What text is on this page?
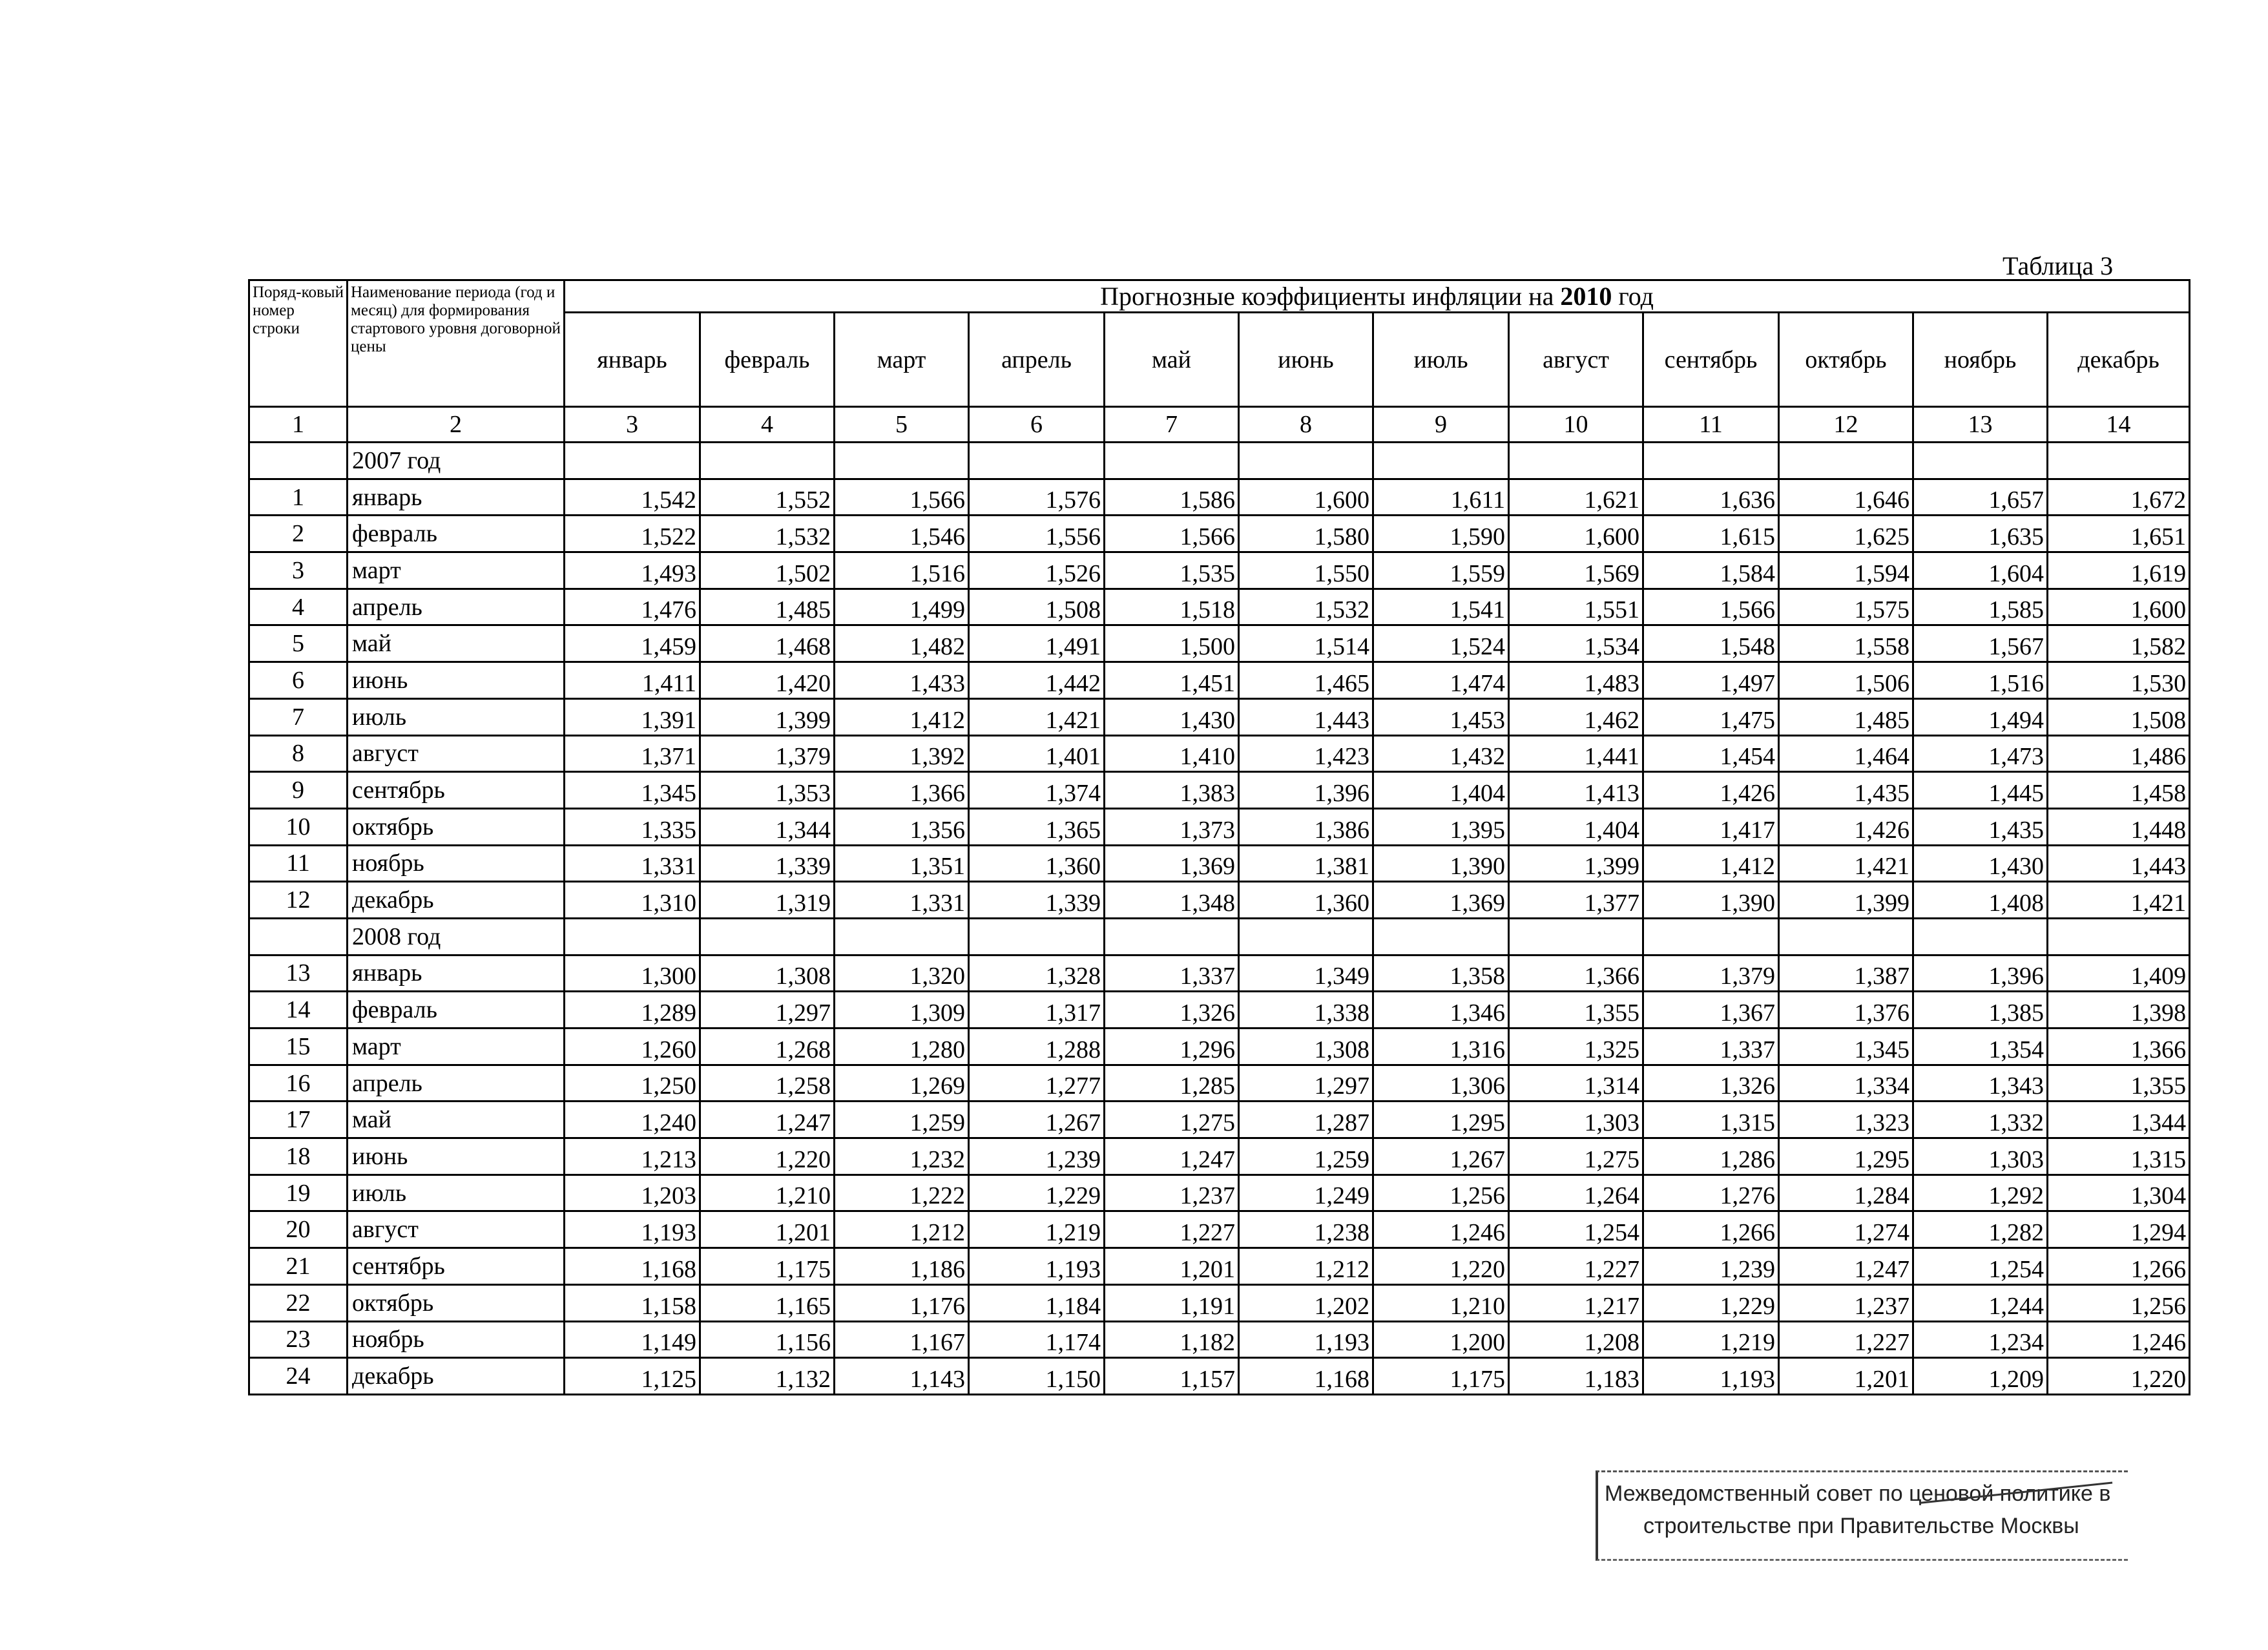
Таблица 3
Поряд-ковый номер строки	Наименование периода (год и месяц) для формирования стартового уровня договорной цены	Прогнозные коэффициенты инфляции на 2010 год											
		январь	февраль	март	апрель	май	июнь	июль	август	сентябрь	октябрь	ноябрь	декабрь
1	2	3	4	5	6	7	8	9	10	11	12	13	14
	2007 год												
1	январь	1,542	1,552	1,566	1,576	1,586	1,600	1,611	1,621	1,636	1,646	1,657	1,672
2	февраль	1,522	1,532	1,546	1,556	1,566	1,580	1,590	1,600	1,615	1,625	1,635	1,651
3	март	1,493	1,502	1,516	1,526	1,535	1,550	1,559	1,569	1,584	1,594	1,604	1,619
4	апрель	1,476	1,485	1,499	1,508	1,518	1,532	1,541	1,551	1,566	1,575	1,585	1,600
5	май	1,459	1,468	1,482	1,491	1,500	1,514	1,524	1,534	1,548	1,558	1,567	1,582
6	июнь	1,411	1,420	1,433	1,442	1,451	1,465	1,474	1,483	1,497	1,506	1,516	1,530
7	июль	1,391	1,399	1,412	1,421	1,430	1,443	1,453	1,462	1,475	1,485	1,494	1,508
8	август	1,371	1,379	1,392	1,401	1,410	1,423	1,432	1,441	1,454	1,464	1,473	1,486
9	сентябрь	1,345	1,353	1,366	1,374	1,383	1,396	1,404	1,413	1,426	1,435	1,445	1,458
10	октябрь	1,335	1,344	1,356	1,365	1,373	1,386	1,395	1,404	1,417	1,426	1,435	1,448
11	ноябрь	1,331	1,339	1,351	1,360	1,369	1,381	1,390	1,399	1,412	1,421	1,430	1,443
12	декабрь	1,310	1,319	1,331	1,339	1,348	1,360	1,369	1,377	1,390	1,399	1,408	1,421
	2008 год												
13	январь	1,300	1,308	1,320	1,328	1,337	1,349	1,358	1,366	1,379	1,387	1,396	1,409
14	февраль	1,289	1,297	1,309	1,317	1,326	1,338	1,346	1,355	1,367	1,376	1,385	1,398
15	март	1,260	1,268	1,280	1,288	1,296	1,308	1,316	1,325	1,337	1,345	1,354	1,366
16	апрель	1,250	1,258	1,269	1,277	1,285	1,297	1,306	1,314	1,326	1,334	1,343	1,355
17	май	1,240	1,247	1,259	1,267	1,275	1,287	1,295	1,303	1,315	1,323	1,332	1,344
18	июнь	1,213	1,220	1,232	1,239	1,247	1,259	1,267	1,275	1,286	1,295	1,303	1,315
19	июль	1,203	1,210	1,222	1,229	1,237	1,249	1,256	1,264	1,276	1,284	1,292	1,304
20	август	1,193	1,201	1,212	1,219	1,227	1,238	1,246	1,254	1,266	1,274	1,282	1,294
21	сентябрь	1,168	1,175	1,186	1,193	1,201	1,212	1,220	1,227	1,239	1,247	1,254	1,266
22	октябрь	1,158	1,165	1,176	1,184	1,191	1,202	1,210	1,217	1,229	1,237	1,244	1,256
23	ноябрь	1,149	1,156	1,167	1,174	1,182	1,193	1,200	1,208	1,219	1,227	1,234	1,246
24	декабрь	1,125	1,132	1,143	1,150	1,157	1,168	1,175	1,183	1,193	1,201	1,209	1,220
Межведомственный совет по ценовой политике в
строительстве при Правительстве Москвы
